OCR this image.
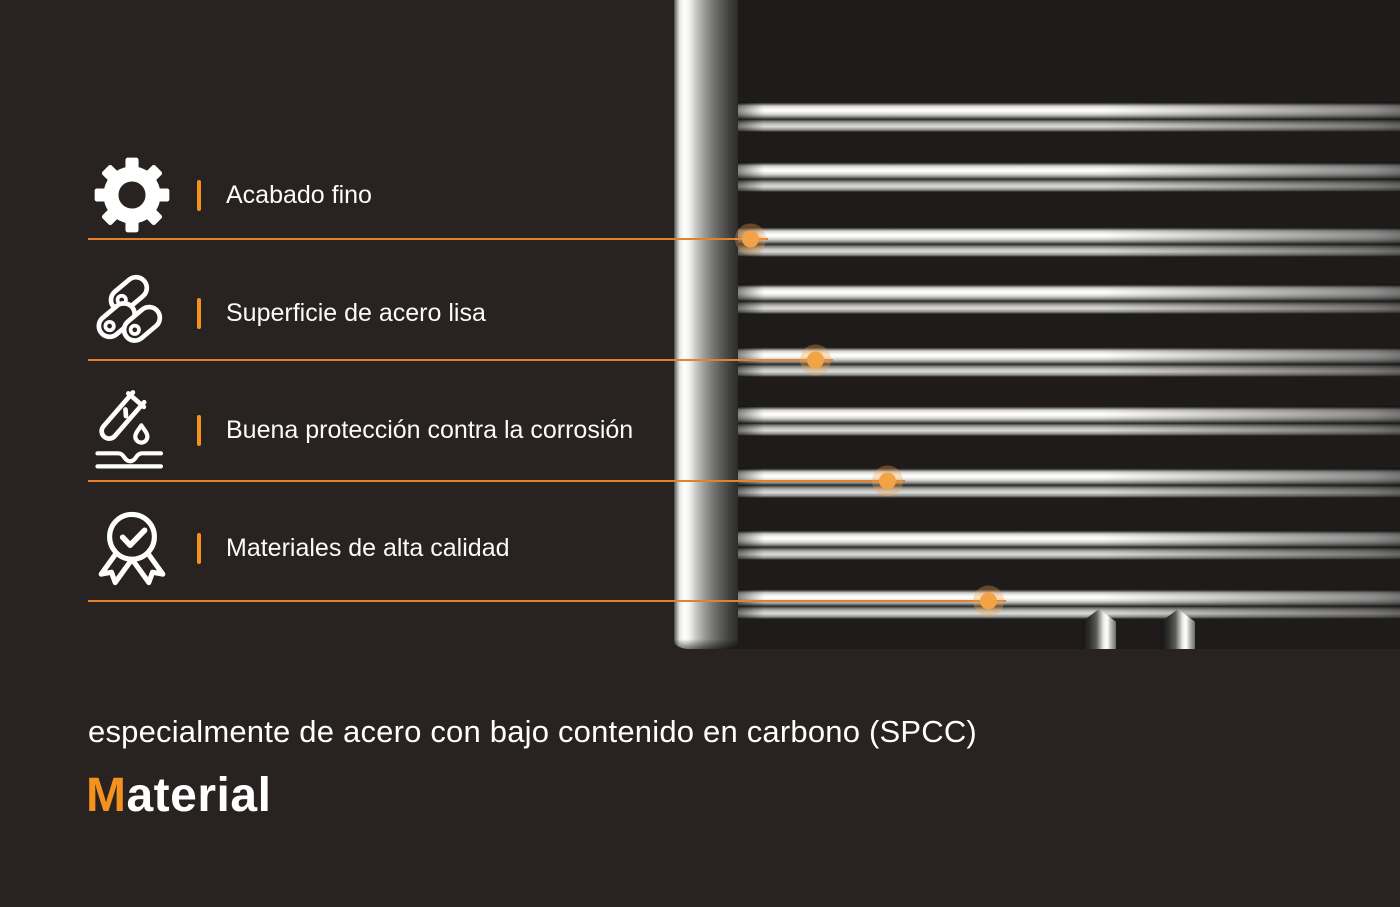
Acabado fino
Superficie de acero lisa
Buena protección contra la corrosión
Materiales de alta calidad
especialmente de acero con bajo contenido en carbono (SPCC)
Material
